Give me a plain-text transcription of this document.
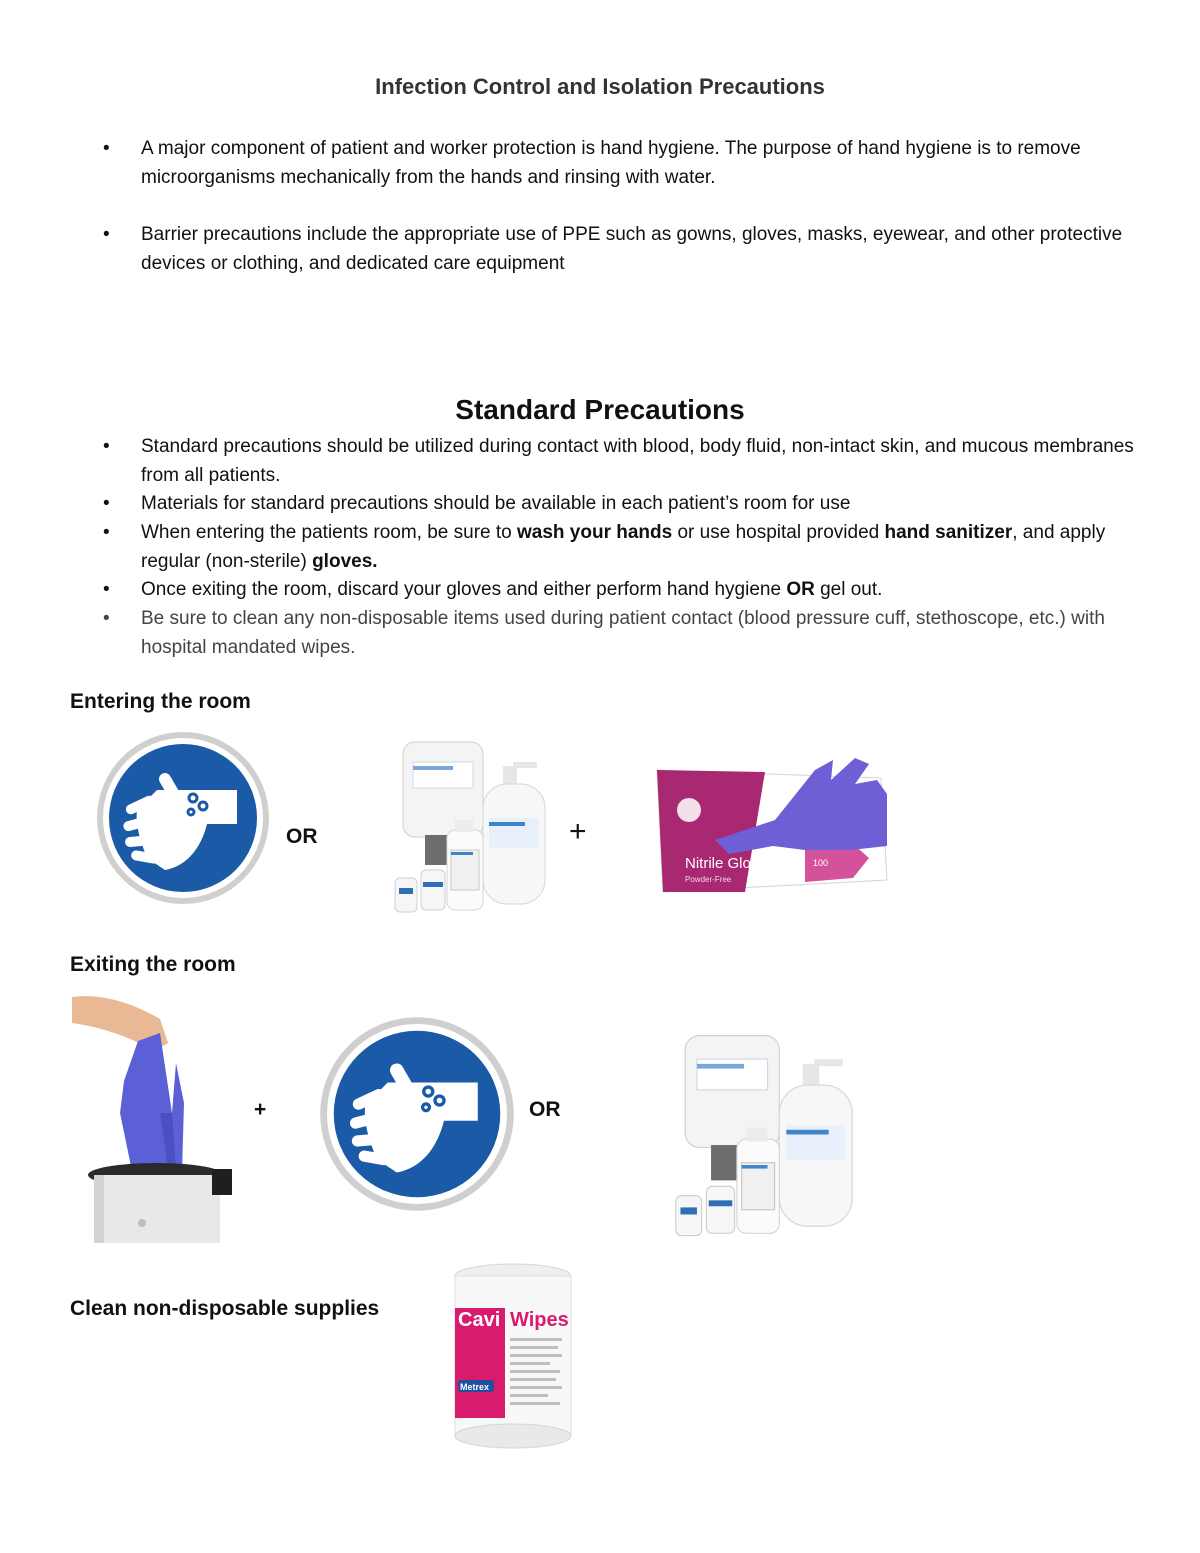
Infection Control and Isolation Precautions
•	A major component of patient and worker protection is hand hygiene. The purpose of hand hygiene is to remove microorganisms mechanically from the hands and rinsing with water.
•	Barrier precautions include the appropriate use of PPE such as gowns, gloves, masks, eyewear, and other protective devices or clothing, and dedicated care equipment
Standard Precautions
•	Standard precautions should be utilized during contact with blood, body fluid, non-intact skin, and mucous membranes from all patients.
•	Materials for standard precautions should be available in each patient’s room for use
•	When entering the patients room, be sure to wash your hands or use hospital provided hand sanitizer, and apply regular (non-sterile) gloves.
•	Once exiting the room, discard your gloves and either perform hand hygiene OR gel out.
•	Be sure to clean any non-disposable items used during patient contact (blood pressure cuff, stethoscope, etc.) with hospital mandated wipes.
Entering the room
OR	+
Nitrile Gloves
Powder-Free
100
Exiting the room
+	OR
Clean non-disposable supplies	Cavi Wipes
Metrex
